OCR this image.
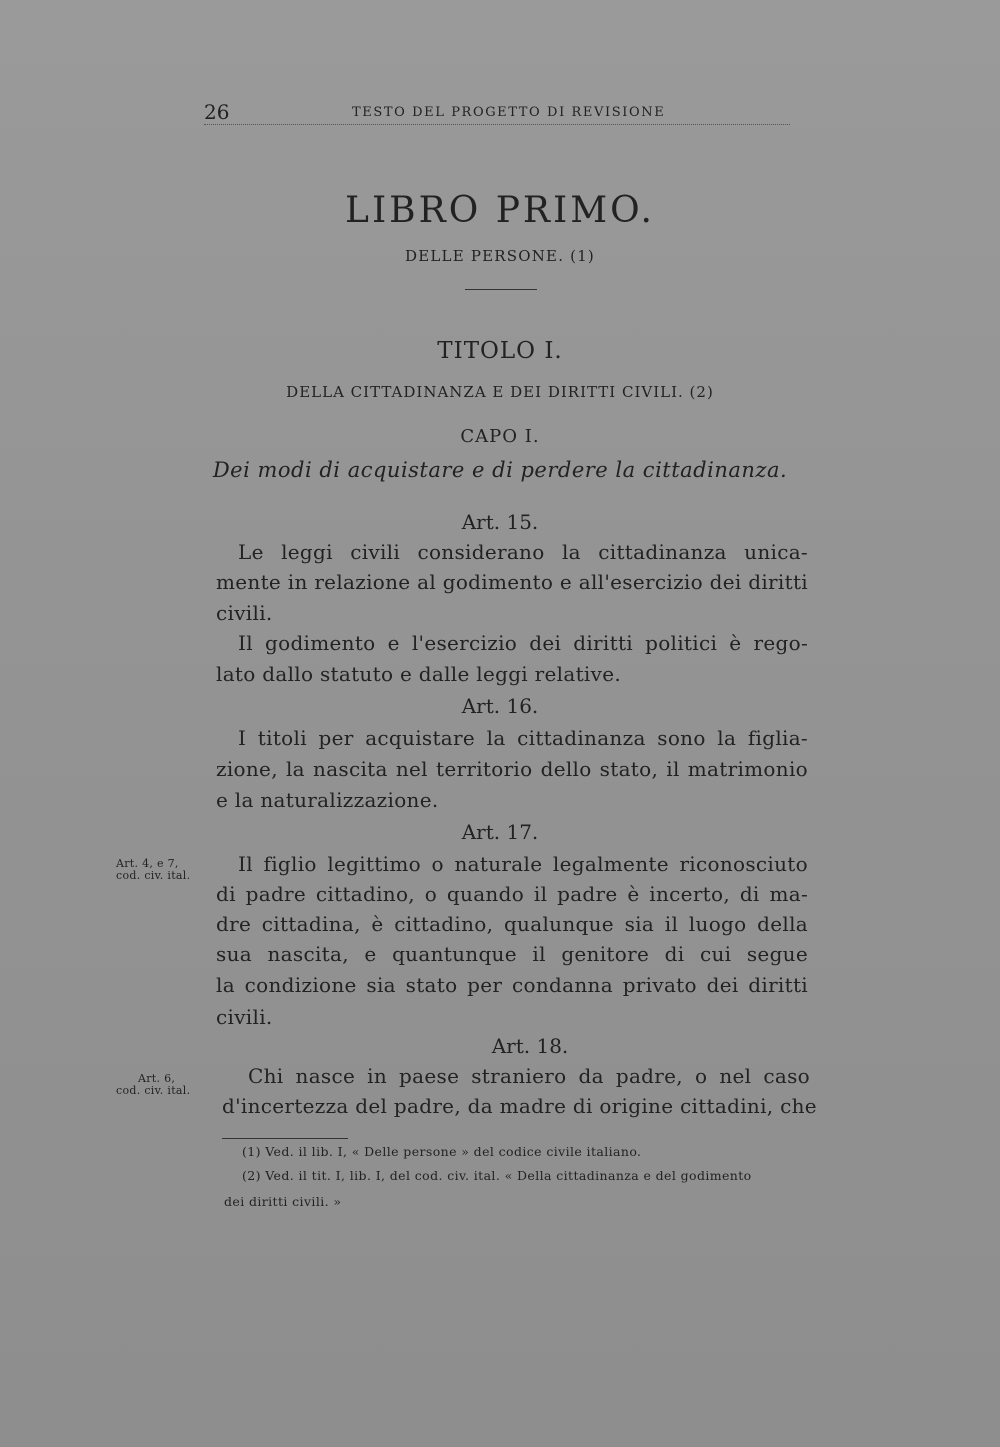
26	TESTO DEL PROGETTO DI REVISIONE
LIBRO PRIMO.
DELLE PERSONE. (1)
TITOLO I.
DELLA CITTADINANZA E DEI DIRITTI CIVILI. (2)
CAPO I.
Dei modi di acquistare e di perdere la cittadinanza.
Art. 15.
Le leggi civili considerano la cittadinanza unica-
mente in relazione al godimento e all'esercizio dei diritti
civili.
Il godimento e l'esercizio dei diritti politici è rego-
lato dallo statuto e dalle leggi relative.
Art. 16.
I titoli per acquistare la cittadinanza sono la figlia-
zione, la nascita nel territorio dello stato, il matrimonio
e la naturalizzazione.
Art. 17.
Art. 4, e 7,
cod. civ. ital. Il figlio legittimo o naturale legalmente riconosciuto
di padre cittadino, o quando il padre è incerto, di ma-
dre cittadina, è cittadino, qualunque sia il luogo della
sua nascita, e quantunque il genitore di cui segue
la condizione sia stato per condanna privato dei diritti
civili.
Art. 18.
Art. 6,
cod. civ. ital.
Chi nasce in paese straniero da padre, o nel caso
d'incertezza del padre, da madre di origine cittadini, che
(1) Ved. il lib. I, « Delle persone » del codice civile italiano.
(2) Ved. il tit. I, lib. I, del cod. civ. ital. « Della cittadinanza e del godimento
dei diritti civili. »
